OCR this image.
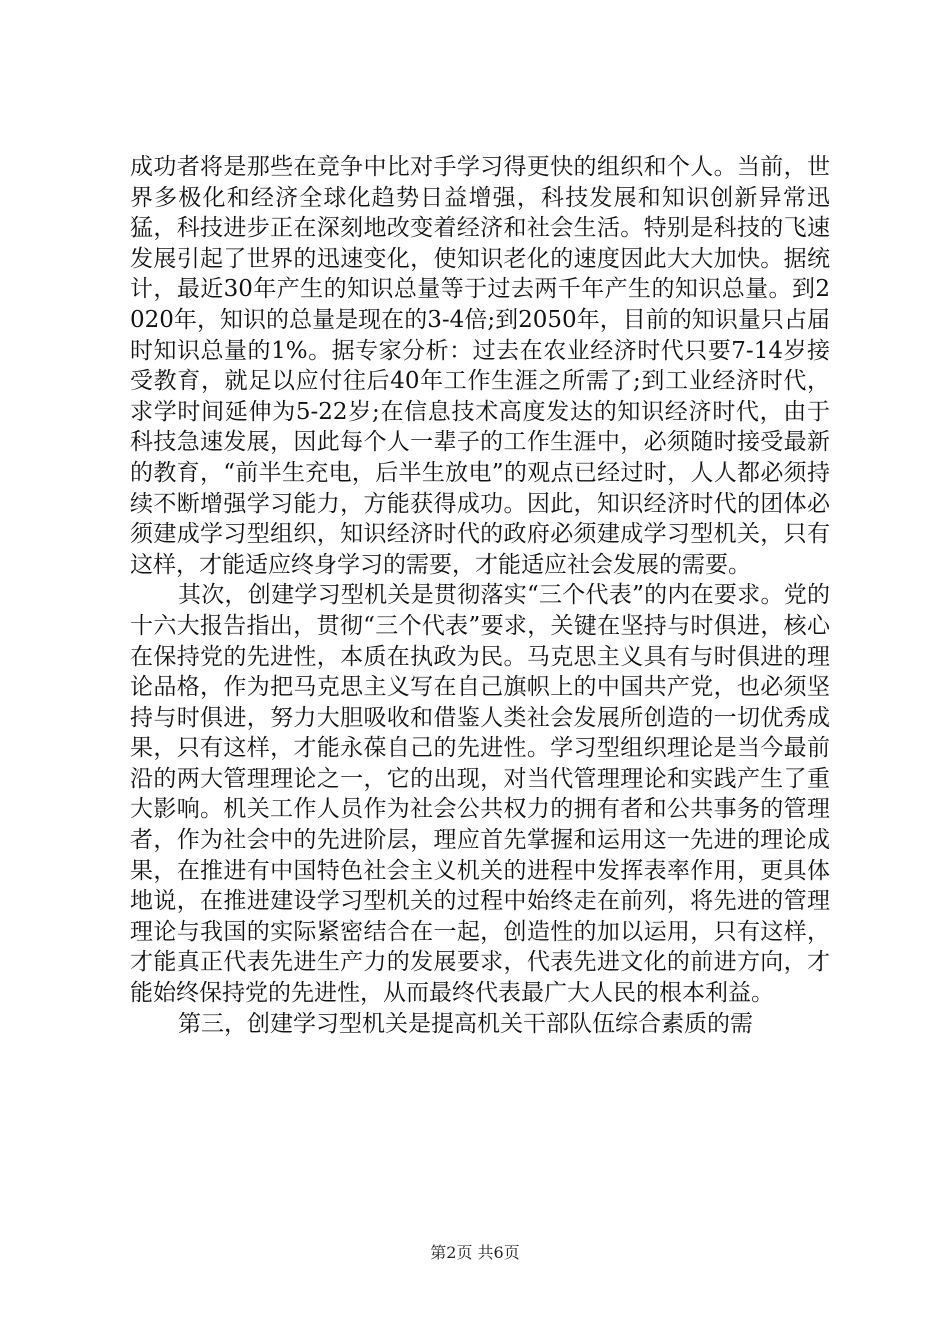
成功者将是那些在竞争中比对手学习得更快的组织和个人。当前，世界多极化和经济全球化趋势日益增强，科技发展和知识创新异常迅猛，科技进步正在深刻地改变着经济和社会生活。特别是科技的飞速发展引起了世界的迅速变化，使知识老化的速度因此大大加快。据统计，最近30年产生的知识总量等于过去两千年产生的知识总量。到2020年，知识的总量是现在的3-4倍;到2050年，目前的知识量只占届时知识总量的1%。据专家分析：过去在农业经济时代只要7-14岁接受教育，就足以应付往后40年工作生涯之所需了;到工业经济时代，求学时间延伸为5-22岁;在信息技术高度发达的知识经济时代，由于科技急速发展，因此每个人一辈子的工作生涯中，必须随时接受最新的教育，“前半生充电，后半生放电”的观点已经过时，人人都必须持续不断增强学习能力，方能获得成功。因此，知识经济时代的团体必须建成学习型组织，知识经济时代的政府必须建成学习型机关，只有这样，才能适应终身学习的需要，才能适应社会发展的需要。

其次，创建学习型机关是贯彻落实“三个代表”的内在要求。党的十六大报告指出，贯彻“三个代表”要求，关键在坚持与时俱进，核心在保持党的先进性，本质在执政为民。马克思主义具有与时俱进的理论品格，作为把马克思主义写在自己旗帜上的中国共产党，也必须坚持与时俱进，努力大胆吸收和借鉴人类社会发展所创造的一切优秀成果，只有这样，才能永葆自己的先进性。学习型组织理论是当今最前沿的两大管理理论之一，它的出现，对当代管理理论和实践产生了重大影响。机关工作人员作为社会公共权力的拥有者和公共事务的管理者，作为社会中的先进阶层，理应首先掌握和运用这一先进的理论成果，在推进有中国特色社会主义机关的进程中发挥表率作用，更具体地说，在推进建设学习型机关的过程中始终走在前列，将先进的管理理论与我国的实际紧密结合在一起，创造性的加以运用，只有这样，才能真正代表先进生产力的发展要求，代表先进文化的前进方向，才能始终保持党的先进性，从而最终代表最广大人民的根本利益。

第三，创建学习型机关是提高机关干部队伍综合素质的需

第2页 共6页
